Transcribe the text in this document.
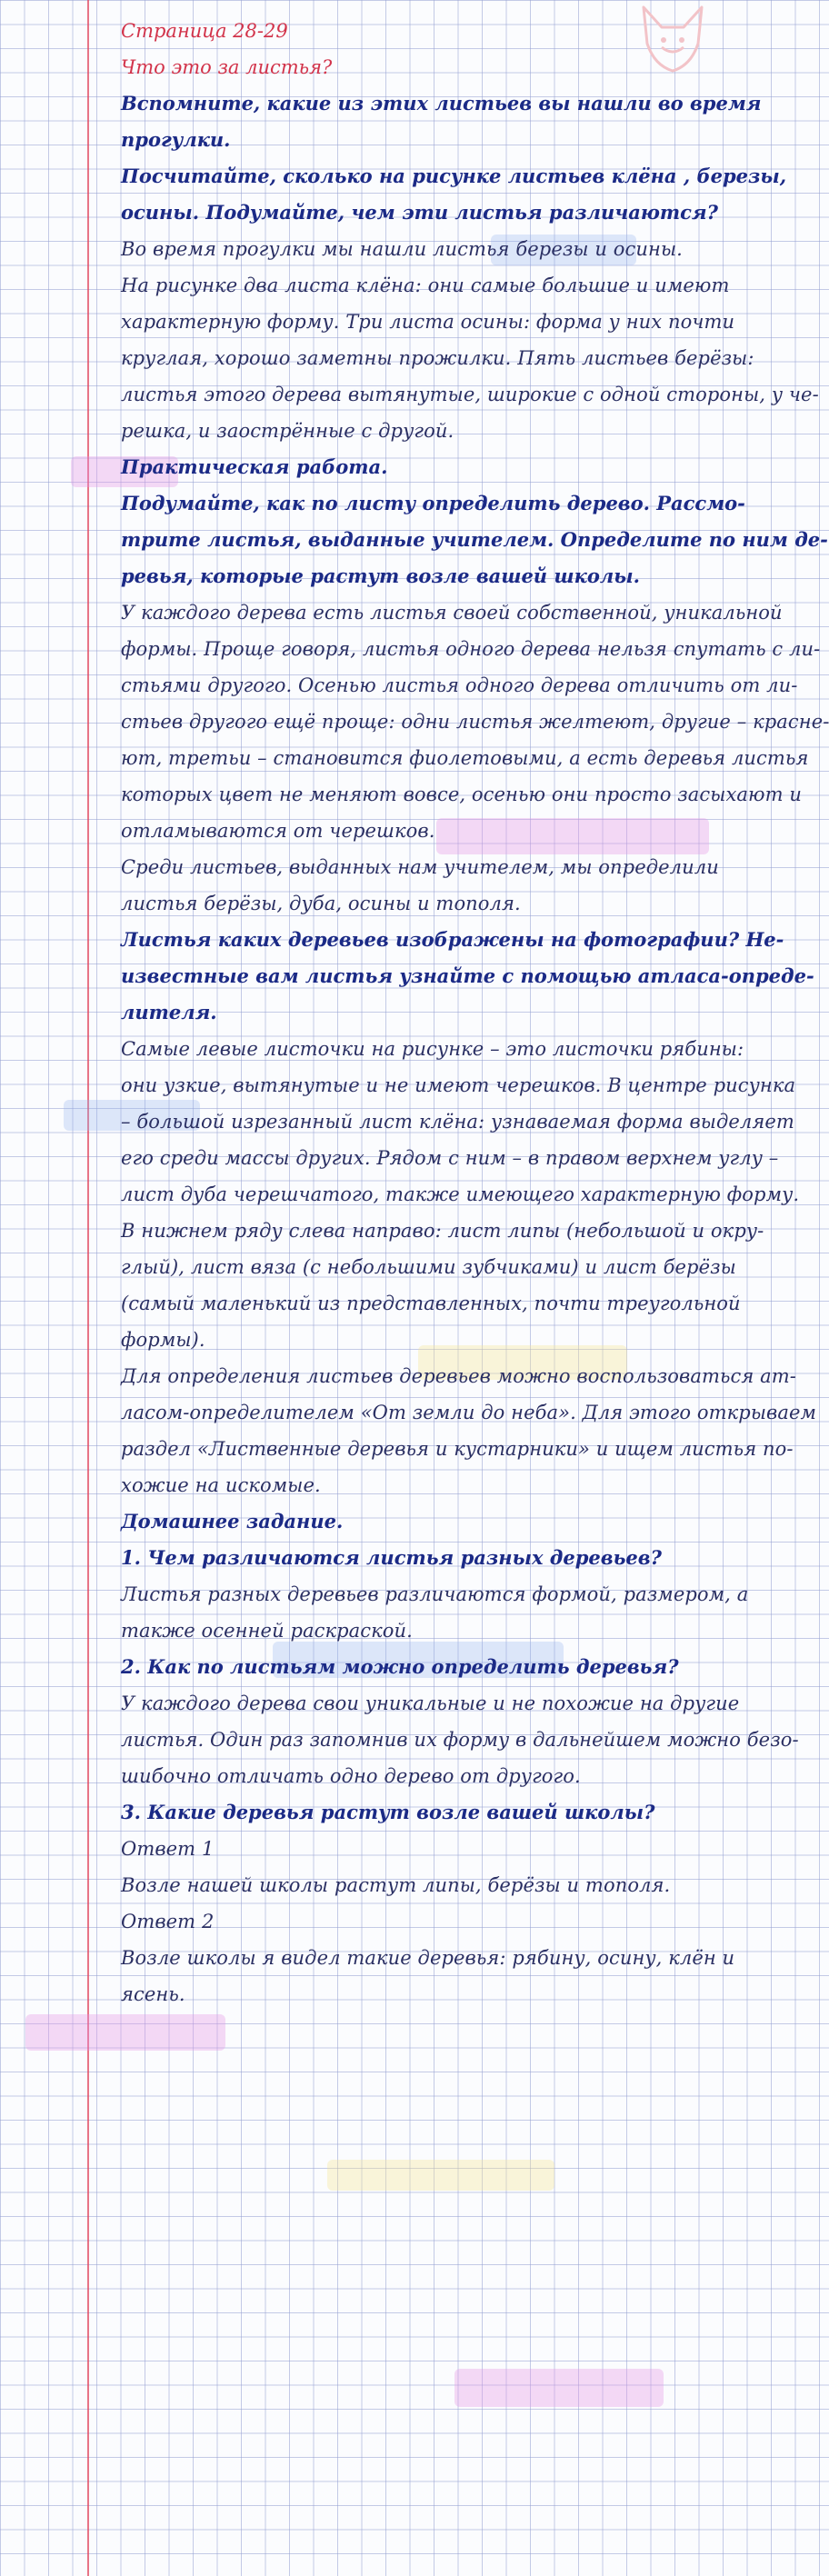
Страница 28-29

Что это за листья?

Вспомните, какие из этих листьев вы нашли во время

прогулки.

Посчитайте, сколько на рисунке листьев клёна , березы,

осины. Подумайте, чем эти листья различаются?

Во время прогулки мы нашли листья березы и осины.

На рисунке два листа клёна: они самые большие и имеют

характерную форму. Три листа осины: форма у них почти

круглая, хорошо заметны прожилки. Пять листьев берёзы:

листья этого дерева вытянутые, широкие с одной стороны, у че-

решка, и заострённые с другой.

Практическая работа.

Подумайте, как по листу определить дерево. Рассмо-

трите листья, выданные учителем. Определите по ним де-

ревья, которые растут возле вашей школы.

У каждого дерева есть листья своей собственной, уникальной

формы. Проще говоря, листья одного дерева нельзя спутать с ли-

стьями другого. Осенью листья одного дерева отличить от ли-

стьев другого ещё проще: одни листья желтеют, другие – краснe-

ют, третьи – становится фиолетовыми, а есть деревья листья

которых цвет не меняют вовсе, осенью они просто засыхают и

отламываются от черешков.

Среди листьев, выданных нам учителем, мы определили

листья берёзы, дуба, осины и тополя.

Листья каких деревьев изображены на фотографии? Не-

известные вам листья узнайте с помощью атласа-опреде-

лителя.

Самые левые листочки на рисунке – это листочки рябины:

они узкие, вытянутые и не имеют черешков. В центре рисунка

– большой изрезанный лист клёна: узнаваемая форма выделяет

его среди массы других. Рядом с ним – в правом верхнем углу –

лист дуба черешчатого, также имеющего характерную форму.

В нижнем ряду слева направо: лист липы (небольшой и окру-

глый), лист вяза (с небольшими зубчиками) и лист берёзы

(самый маленький из представленных, почти треугольной

формы).

Для определения листьев деревьев можно воспользоваться ат-

ласом-определителем «От земли до неба». Для этого открываем

раздел «Лиственные деревья и кустарники» и ищем листья по-

хожие на искомые.

Домашнее задание.

1. Чем различаются листья разных деревьев?

Листья разных деревьев различаются формой, размером, а

также осенней раскраской.

2. Как по листьям можно определить деревья?

У каждого дерева свои уникальные и не похожие на другие

листья. Один раз запомнив их форму в дальнейшем можно безо-

шибочно отличать одно дерево от другого.

3. Какие деревья растут возле вашей школы?

Ответ 1

Возле нашей школы растут липы, берёзы и тополя.

Ответ 2

Возле школы я видел такие деревья: рябину, осину, клён и

ясень.
